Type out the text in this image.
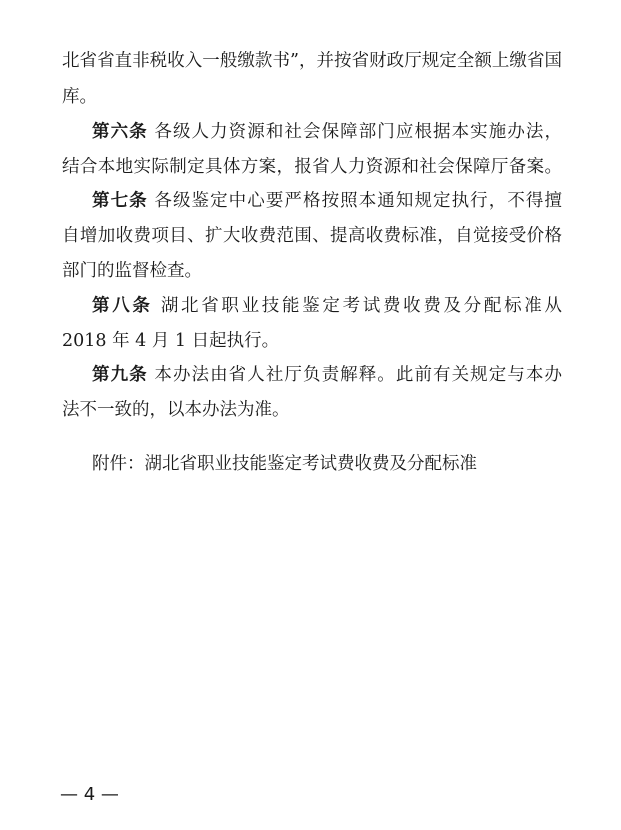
北省省直非税收入一般缴款书”，并按省财政厅规定全额上缴省国
库。
第六条 各级人力资源和社会保障部门应根据本实施办法，
结合本地实际制定具体方案，报省人力资源和社会保障厅备案。
第七条 各级鉴定中心要严格按照本通知规定执行，不得擅
自增加收费项目、扩大收费范围、提高收费标准，自觉接受价格
部门的监督检查。
第八条 湖北省职业技能鉴定考试费收费及分配标准从
2018 年 4 月 1 日起执行。
第九条 本办法由省人社厅负责解释。此前有关规定与本办
法不一致的，以本办法为准。
附件：湖北省职业技能鉴定考试费收费及分配标准
— 4 —
